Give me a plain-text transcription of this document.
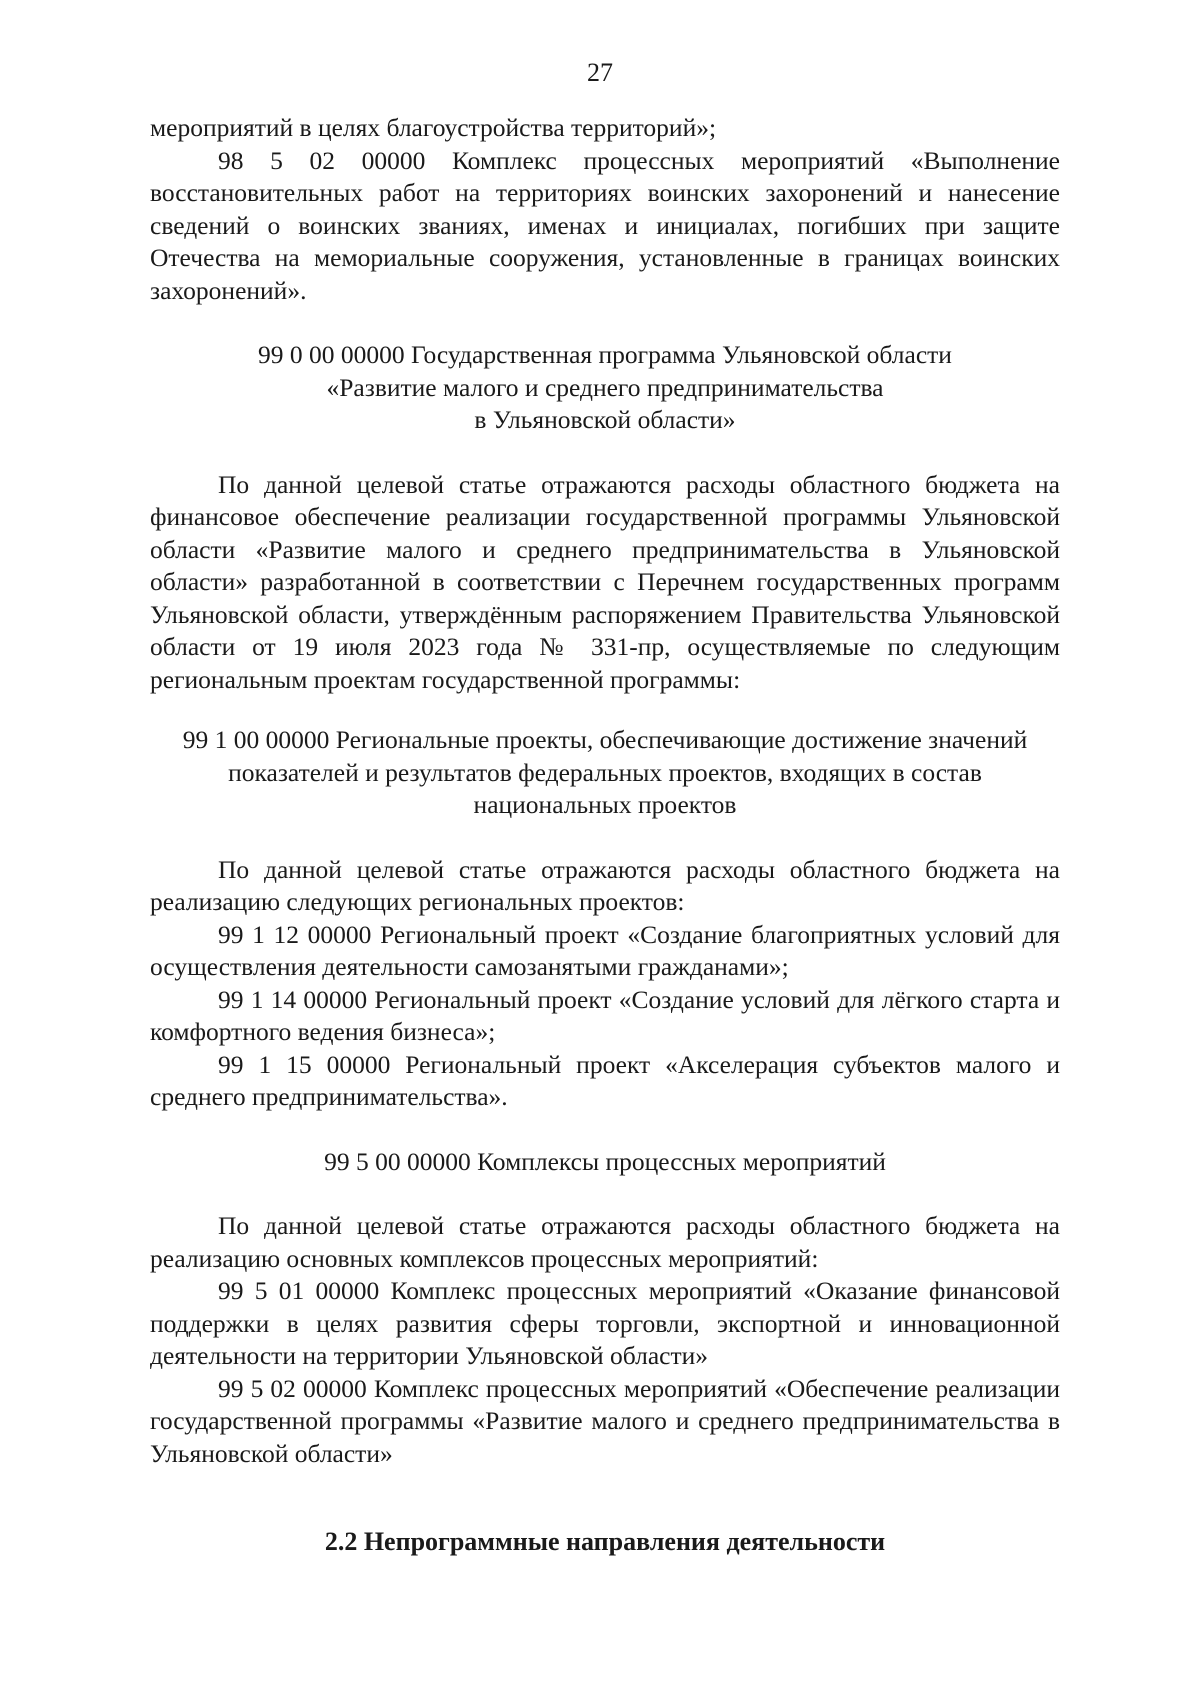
27

мероприятий в целях благоустройства территорий»;

98 5 02 00000 Комплекс процессных мероприятий «Выполнение восстановительных работ на территориях воинских захоронений и нанесение сведений о воинских званиях, именах и инициалах, погибших при защите Отечества на мемориальные сооружения, установленные в границах воинских захоронений».

99 0 00 00000 Государственная программа Ульяновской области
«Развитие малого и среднего предпринимательства
в Ульяновской области»

По данной целевой статье отражаются расходы областного бюджета на финансовое обеспечение реализации государственной программы Ульяновской области «Развитие малого и среднего предпринимательства в Ульяновской области» разработанной в соответствии с Перечнем государственных программ Ульяновской области, утверждённым распоряжением Правительства Ульяновской области от 19 июля 2023 года № 331-пр, осуществляемые по следующим региональным проектам государственной программы:

99 1 00 00000 Региональные проекты, обеспечивающие достижение значений
показателей и результатов федеральных проектов, входящих в состав
национальных проектов

По данной целевой статье отражаются расходы областного бюджета на реализацию следующих региональных проектов:

99 1 12 00000 Региональный проект «Создание благоприятных условий для осуществления деятельности самозанятыми гражданами»;

99 1 14 00000 Региональный проект «Создание условий для лёгкого старта и комфортного ведения бизнеса»;

99 1 15 00000 Региональный проект «Акселерация субъектов малого и среднего предпринимательства».

99 5 00 00000 Комплексы процессных мероприятий

По данной целевой статье отражаются расходы областного бюджета на реализацию основных комплексов процессных мероприятий:

99 5 01 00000 Комплекс процессных мероприятий «Оказание финансовой поддержки в целях развития сферы торговли, экспортной и инновационной деятельности на территории Ульяновской области»

99 5 02 00000 Комплекс процессных мероприятий «Обеспечение реализации государственной программы «Развитие малого и среднего предпринимательства в Ульяновской области»

2.2 Непрограммные направления деятельности
